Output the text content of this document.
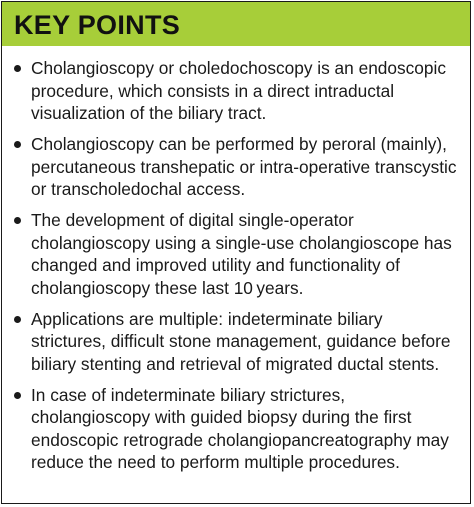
KEY POINTS
Cholangioscopy or choledochoscopy is an endoscopic procedure, which consists in a direct intraductal visualization of the biliary tract.
Cholangioscopy can be performed by peroral (mainly), percutaneous transhepatic or intra-operative transcystic or transcholedochal access.
The development of digital single-operator cholangioscopy using a single-use cholangioscope has changed and improved utility and functionality of cholangioscopy these last 10 years.
Applications are multiple: indeterminate biliary strictures, difficult stone management, guidance before biliary stenting and retrieval of migrated ductal stents.
In case of indeterminate biliary strictures, cholangioscopy with guided biopsy during the first endoscopic retrograde cholangiopancreatography may reduce the need to perform multiple procedures.
